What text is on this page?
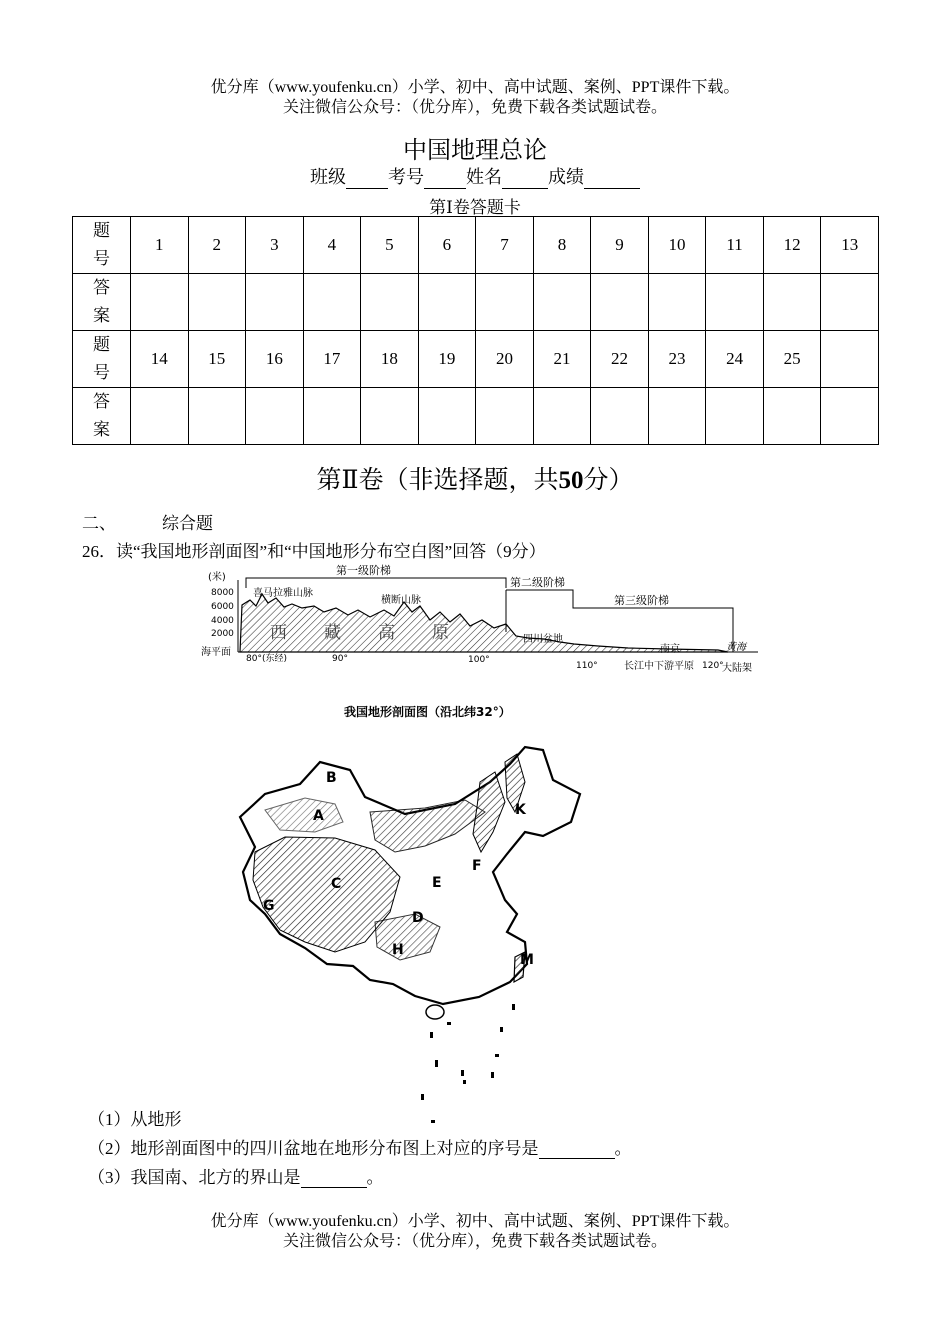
优分库（www.youfenku.cn）小学、初中、高中试题、案例、PPT课件下载。
关注微信公众号：（优分库），免费下载各类试题试卷。
中国地理总论
班级 考号 姓名	成绩
第Ⅰ卷答题卡
题
号	1	2	3	4	5	6	7	8	9	10	11	12	13
答
案													
题
号	14	15	16	17	18	19	20	21	22	23	24	25	
答
案													
第Ⅱ卷（非选择题，共50分）
二、	综合题
26．读“我国地形剖面图”和“中国地形分布空白图”回答（9分）
(米)
8000
6000
4000
2000
海平面
第一级阶梯
第二级阶梯
第三级阶梯
喜马拉雅山脉
横断山脉
西 藏 高 原	四川盆地
南京	黄海
80°(东经)	90°	100°
110°	120°
长江中下游平原	大陆架
我国地形剖面图（沿北纬32°）
A
B
C
D
E
F
G
H
K
M
（1）从地形
（2）地形剖面图中的四川盆地在地形分布图上对应的序号是	。
（3）我国南、北方的界山是	。
优分库（www.youfenku.cn）小学、初中、高中试题、案例、PPT课件下载。
关注微信公众号：（优分库），免费下载各类试题试卷。
